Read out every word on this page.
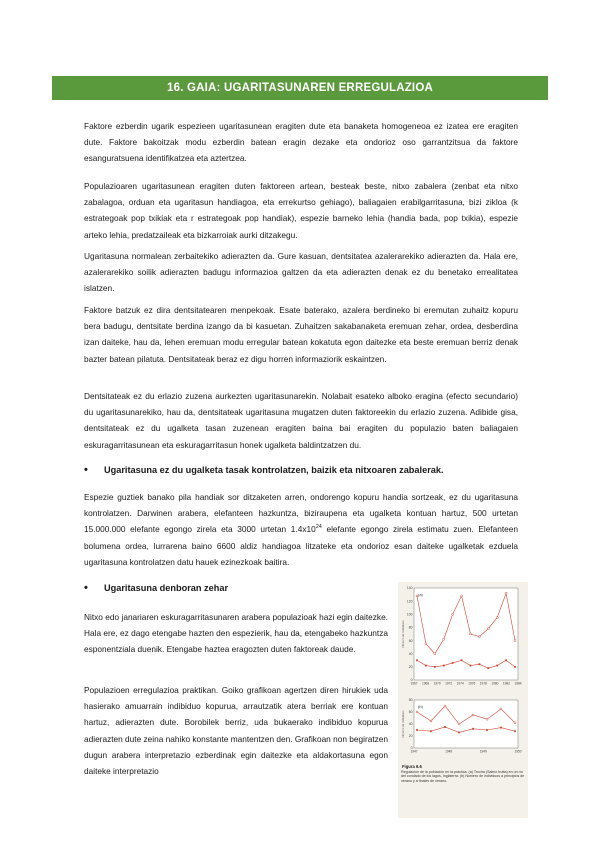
16. GAIA: UGARITASUNAREN ERREGULAZIOA

Faktore ezberdin ugarik espezieen ugaritasunean eragiten dute eta banaketa homogeneoa ez izatea ere eragiten dute. Faktore bakoitzak modu ezberdin batean eragin dezake eta ondorioz oso garrantzitsua da faktore esanguratsuena identifikatzea eta aztertzea.

Populazioaren ugaritasunean eragiten duten faktoreen artean, besteak beste, nitxo zabalera (zenbat eta nitxo zabalagoa, orduan eta ugaritasun handiagoa, eta errekurtso gehiago), baliagaien erabilgarritasuna, bizi zikloa (k estrategoak pop txikiak eta r estrategoak pop handiak), espezie barneko lehia (handia bada, pop txikia), espezie arteko lehia, predatzaileak eta bizkarroiak aurki ditzakegu.

Ugaritasuna normalean zerbaitekiko adierazten da. Gure kasuan, dentsitatea azalerarekiko adierazten da. Hala ere, azalerarekiko soilik adierazten badugu informazioa galtzen da eta adierazten denak ez du benetako errealitatea islatzen.

Faktore batzuk ez dira dentsitatearen menpekoak. Esate baterako, azalera berdineko bi eremutan zuhaitz kopuru bera badugu, dentsitate berdina izango da bi kasuetan. Zuhaitzen sakabanaketa eremuan zehar, ordea, desberdina izan daiteke, hau da, lehen eremuan modu erregular batean kokatuta egon daitezke eta beste eremuan berriz denak bazter batean pilatuta. Dentsitateak beraz ez digu horren informaziorik eskaintzen.

Dentsitateak ez du erlazio zuzena aurkezten ugaritasunarekin. Nolabait esateko alboko eragina (efecto secundario) du ugaritasunarekiko, hau da, dentsitateak ugaritasuna mugatzen duten faktoreekin du erlazio zuzena. Adibide gisa, dentsitateak ez du ugalketa tasan zuzenean eragiten baina bai eragiten du populazio baten baliagaien eskuragarritasunean eta eskuragarritasun honek ugalketa baldintzatzen du.

•	Ugaritasuna ez du ugalketa tasak kontrolatzen, baizik eta nitxoaren zabalerak.

Espezie guztiek banako pila handiak sor ditzaketen arren, ondorengo kopuru handia sortzeak, ez du ugaritasuna kontrolatzen. Darwinen arabera, elefanteen hazkuntza, biziraupena eta ugalketa kontuan hartuz, 500 urtetan 15.000.000 elefante egongo zirela eta 3000 urtetan $1.4x10^{24}$ elefante egongo zirela estimatu zuen. Elefanteen bolumena ordea, lurrarena baino 6600 aldiz handiagoa litzateke eta ondorioz esan daiteke ugalketak ezduela ugaritasuna kontrolatzen datu hauek ezinezkoak baitira.

•	Ugaritasuna denboran zehar

Nitxo edo janariaren eskuragarritasunaren arabera populazioak hazi egin daitezke. Hala ere, ez dago etengabe hazten den espezierik, hau da, etengabeko hazkuntza esponentziala duenik. Etengabe haztea eragozten duten faktoreak daude.

Populazioen erregulazioa praktikan. Goiko grafikoan agertzen diren hirukiek uda hasierako amuarrain indibiduo kopurua, arrautzatik atera berriak ere kontuan hartuz, adierazten dute. Borobilek berriz, uda bukaerako indibiduo kopurua adierazten dute zeina nahiko konstante mantentzen den. Grafikoan non begiratzen dugun arabera interpretazio ezberdinak egin daitezke eta aldakortasuna egon daiteke interpretazio

140
120
100
80
60
40
20
0
1967 1968 1970 1972 1974 1976 1978 1980 1982 1984
(a)
Número de individuos
80
60
40
20
0
1947	1948	1949	1950
(b)
Número de individuos
Figura 6.6
Regulación de la población en la práctica. (a) Trucha (Salmo trutta) en un río del condado de los lagos, Inglaterra. (b) Número de individuos a principios de verano y a finales de verano.
